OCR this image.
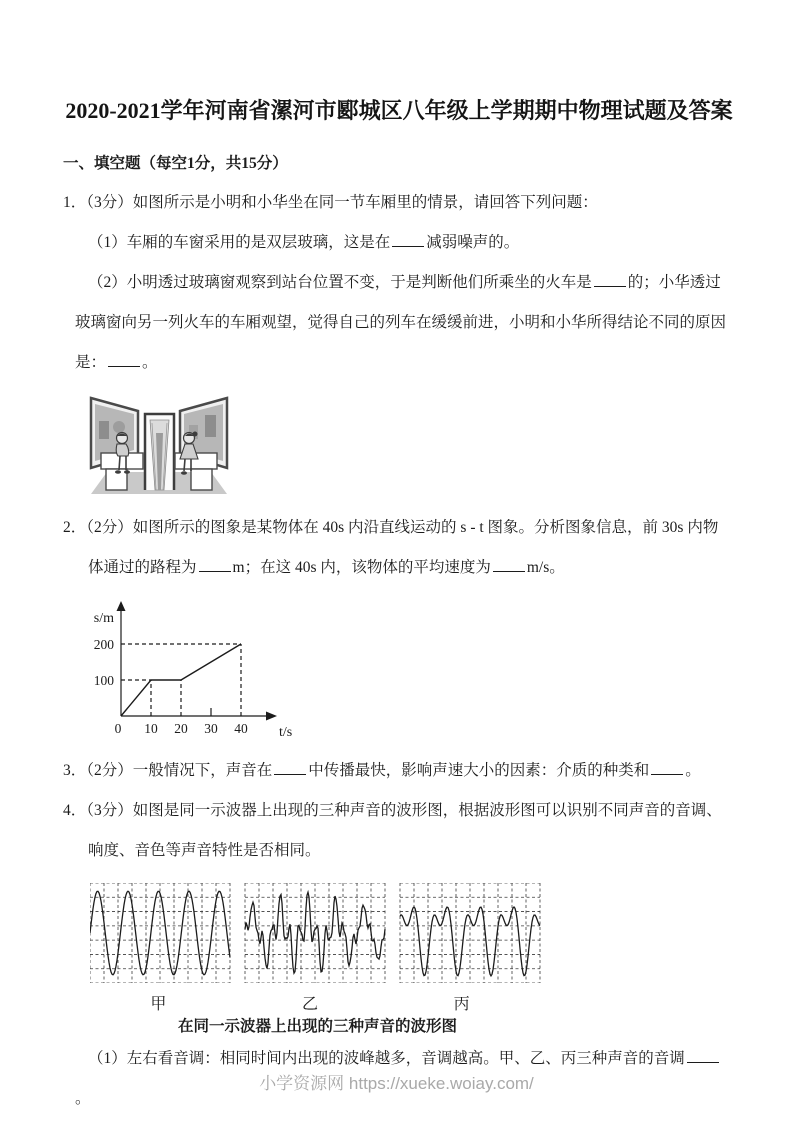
2020-2021学年河南省漯河市郾城区八年级上学期期中物理试题及答案
一、填空题（每空1分，共15分）

1．（3分）如图所示是小明和小华坐在同一节车厢里的情景，请回答下列问题：

（1）车厢的车窗采用的是双层玻璃，这是在 减弱噪声的。

（2）小明透过玻璃窗观察到站台位置不变，于是判断他们所乘坐的火车是 的；小华透过玻璃窗向另一列火车的车厢观望，觉得自己的列车在缓缓前进，小明和小华所得结论不同的原因是： 。

2．（2分）如图所示的图象是某物体在 40s 内沿直线运动的 s - t 图象。分析图象信息，前 30s 内物体通过的路程为 m；在这 40s 内，该物体的平均速度为 m/s。

0 10 20 30 40
100
200
t/s
s/m

3．（2分）一般情况下，声音在 中传播最快，影响声速大小的因素：介质的种类和 。

4．（3分）如图是同一示波器上出现的三种声音的波形图，根据波形图可以识别不同声音的音调、响度、音色等声音特性是否相同。

甲	乙	丙
在同一示波器上出现的三种声音的波形图

（1）左右看音调：相同时间内出现的波峰越多，音调越高。甲、乙、丙三种声音的音调。

小学资源网 https://xueke.woiay.com/
